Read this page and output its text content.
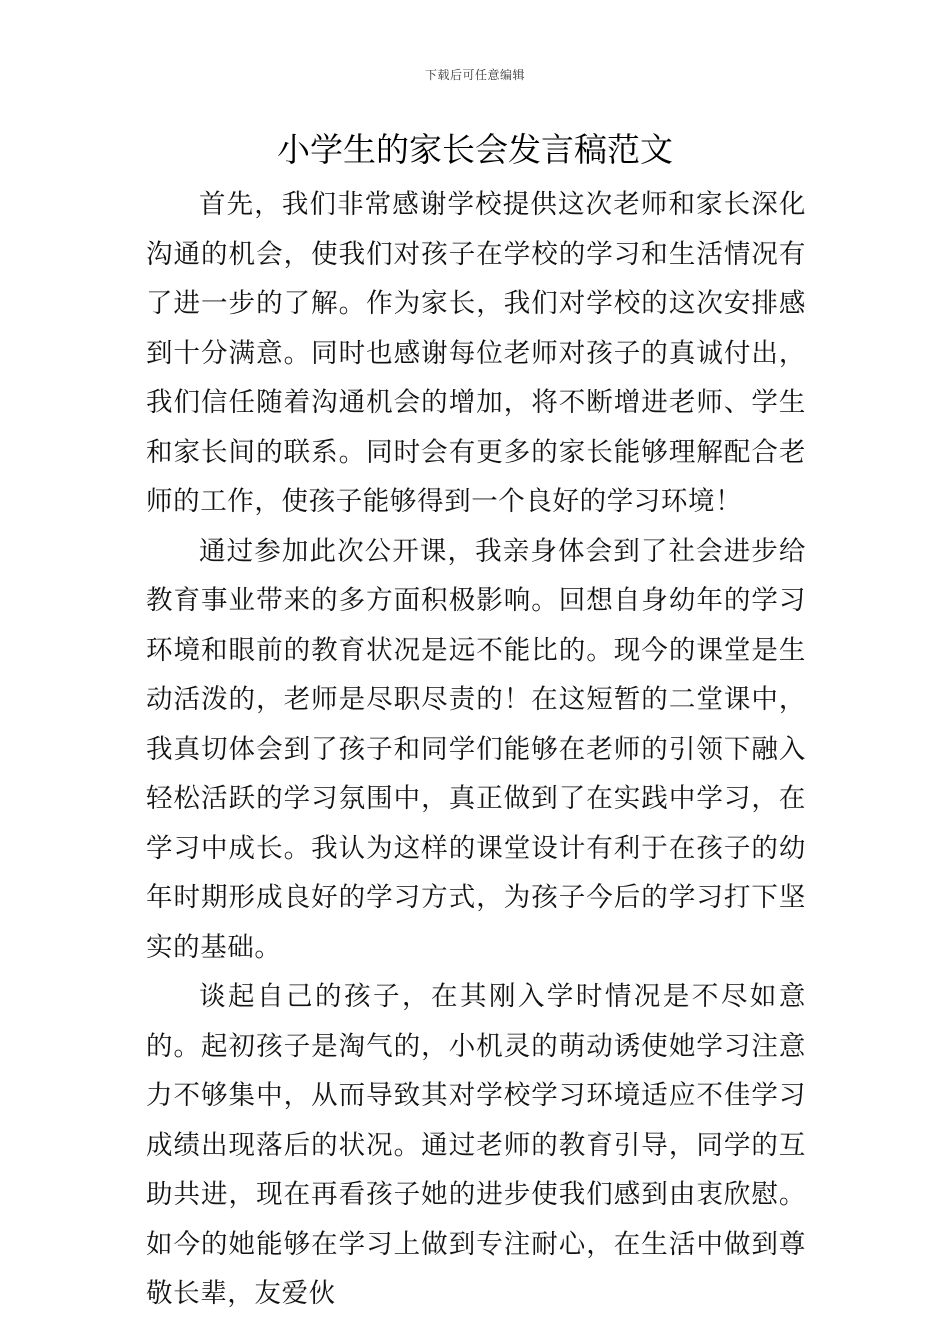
下载后可任意编辑
小学生的家长会发言稿范文

首先，我们非常感谢学校提供这次老师和家长深化沟通的机会，使我们对孩子在学校的学习和生活情况有了进一步的了解。作为家长，我们对学校的这次安排感到十分满意。同时也感谢每位老师对孩子的真诚付出，我们信任随着沟通机会的增加，将不断增进老师、学生和家长间的联系。同时会有更多的家长能够理解配合老师的工作，使孩子能够得到一个良好的学习环境！

通过参加此次公开课，我亲身体会到了社会进步给教育事业带来的多方面积极影响。回想自身幼年的学习环境和眼前的教育状况是远不能比的。现今的课堂是生动活泼的，老师是尽职尽责的！在这短暂的二堂课中，我真切体会到了孩子和同学们能够在老师的引领下融入轻松活跃的学习氛围中，真正做到了在实践中学习，在学习中成长。我认为这样的课堂设计有利于在孩子的幼年时期形成良好的学习方式，为孩子今后的学习打下坚实的基础。

谈起自己的孩子，在其刚入学时情况是不尽如意的。起初孩子是淘气的，小机灵的萌动诱使她学习注意力不够集中，从而导致其对学校学习环境适应不佳学习成绩出现落后的状况。通过老师的教育引导，同学的互助共进，现在再看孩子她的进步使我们感到由衷欣慰。如今的她能够在学习上做到专注耐心，在生活中做到尊敬长辈，友爱伙
